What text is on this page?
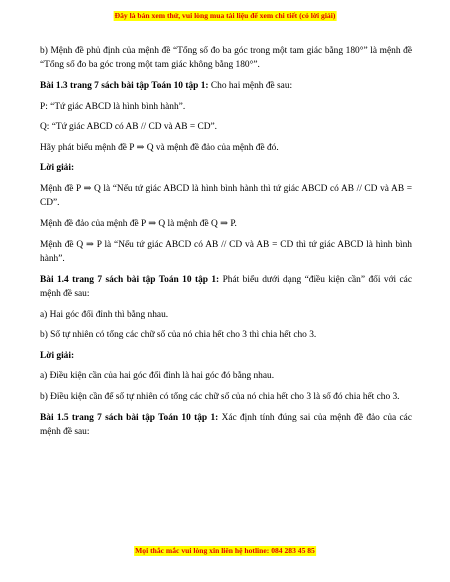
Đây là bản xem thử, vui lòng mua tài liệu để xem chi tiết (có lời giải)

b) Mệnh đề phủ định của mệnh đề “Tổng số đo ba góc trong một tam giác bằng 180°” là mệnh đề “Tổng số đo ba góc trong một tam giác không bằng 180°”.

Bài 1.3 trang 7 sách bài tập Toán 10 tập 1: Cho hai mệnh đề sau:

P: “Tứ giác ABCD là hình bình hành”.

Q: “Tứ giác ABCD có AB // CD và AB = CD”.

Hãy phát biểu mệnh đề P ⇒ Q và mệnh đề đảo của mệnh đề đó.

Lời giải:

Mệnh đề P ⇒ Q là “Nếu tứ giác ABCD là hình bình hành thì tứ giác ABCD có AB // CD và AB = CD”.

Mệnh đề đảo của mệnh đề P ⇒ Q là mệnh đề Q ⇒ P.

Mệnh đề Q ⇒ P là “Nếu tứ giác ABCD có AB // CD và AB = CD thì tứ giác ABCD là hình bình hành”.

Bài 1.4 trang 7 sách bài tập Toán 10 tập 1: Phát biểu dưới dạng “điều kiện cần” đối với các mệnh đề sau:

a) Hai góc đối đỉnh thì bằng nhau.

b) Số tự nhiên có tổng các chữ số của nó chia hết cho 3 thì chia hết cho 3.

Lời giải:

a) Điều kiện cần của hai góc đối đỉnh là hai góc đó bằng nhau.

b) Điều kiện cần để số tự nhiên có tổng các chữ số của nó chia hết cho 3 là số đó chia hết cho 3.

Bài 1.5 trang 7 sách bài tập Toán 10 tập 1: Xác định tính đúng sai của mệnh đề đảo của các mệnh đề sau:

Mọi thắc mắc vui lòng xin liên hệ hotline: 084 283 45 85
